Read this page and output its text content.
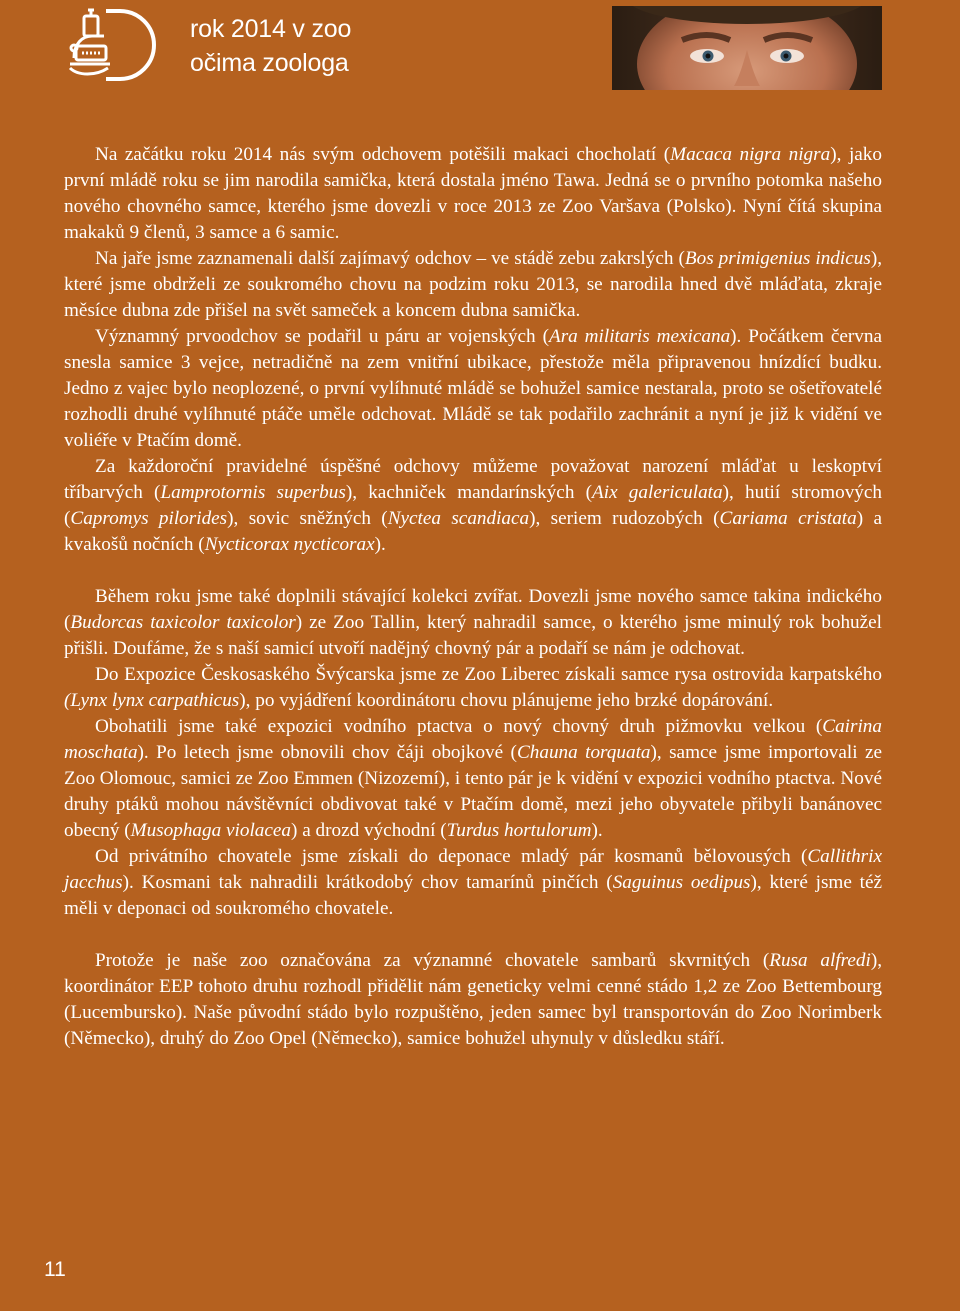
rok 2014 v zoo
očima zoologa

Na začátku roku 2014 nás svým odchovem potěšili makaci chocholatí (Macaca nigra nigra), jako první mládě roku se jim narodila samička, která dostala jméno Tawa. Jedná se o prvního potomka našeho nového chovného samce, kterého jsme dovezli v roce 2013 ze Zoo Varšava (Polsko). Nyní čítá skupina makaků 9 členů, 3 samce a 6 samic.

Na jaře jsme zaznamenali další zajímavý odchov – ve stádě zebu zakrslých (Bos primigenius indicus), které jsme obdrželi ze soukromého chovu na podzim roku 2013, se narodila hned dvě mláďata, zkraje měsíce dubna zde přišel na svět sameček a koncem dubna samička.

Významný prvoodchov se podařil u páru ar vojenských (Ara militaris mexicana). Počátkem června snesla samice 3 vejce, netradičně na zem vnitřní ubikace, přestože měla připravenou hnízdící budku. Jedno z vajec bylo neoplozené, o první vylíhnuté mládě se bohužel samice nestarala, proto se ošetřovatelé rozhodli druhé vylíhnuté ptáče uměle odchovat. Mládě se tak podařilo zachránit a nyní je již k vidění ve voliéře v Ptačím domě.

Za každoroční pravidelné úspěšné odchovy můžeme považovat narození mláďat u leskoptví tříbarvých (Lamprotornis superbus), kachniček mandarínských (Aix galericulata), hutií stromových (Capromys pilorides), sovic sněžných (Nyctea scandiaca), seriem rudozobých (Cariama cristata) a kvakošů nočních (Nycticorax nycticorax).

Během roku jsme také doplnili stávající kolekci zvířat. Dovezli jsme nového samce takina indického (Budorcas taxicolor taxicolor) ze Zoo Tallin, který nahradil samce, o kterého jsme minulý rok bohužel přišli. Doufáme, že s naší samicí utvoří nadějný chovný pár a podaří se nám je odchovat.

Do Expozice Českosaského Švýcarska jsme ze Zoo Liberec získali samce rysa ostrovida karpatského (Lynx lynx carpathicus), po vyjádření koordinátoru chovu plánujeme jeho brzké dopárování.

Obohatili jsme také expozici vodního ptactva o nový chovný druh pižmovku velkou (Cairina moschata). Po letech jsme obnovili chov čáji obojkové (Chauna torquata), samce jsme importovali ze Zoo Olomouc, samici ze Zoo Emmen (Nizozemí), i tento pár je k vidění v expozici vodního ptactva. Nové druhy ptáků mohou návštěvníci obdivovat také v Ptačím domě, mezi jeho obyvatele přibyli banánovec obecný (Musophaga violacea) a drozd východní (Turdus hortulorum).

Od privátního chovatele jsme získali do deponace mladý pár kosmanů bělovousých (Callithrix jacchus). Kosmani tak nahradili krátkodobý chov tamarínů pinčích (Saguinus oedipus), které jsme též měli v deponaci od soukromého chovatele.

Protože je naše zoo označována za významné chovatele sambarů skvrnitých (Rusa alfredi), koordinátor EEP tohoto druhu rozhodl přidělit nám geneticky velmi cenné stádo 1,2 ze Zoo Bettembourg (Lucembursko). Naše původní stádo bylo rozpuštěno, jeden samec byl transportován do Zoo Norimberk (Německo), druhý do Zoo Opel (Německo), samice bohužel uhynuly v důsledku stáří.

11
